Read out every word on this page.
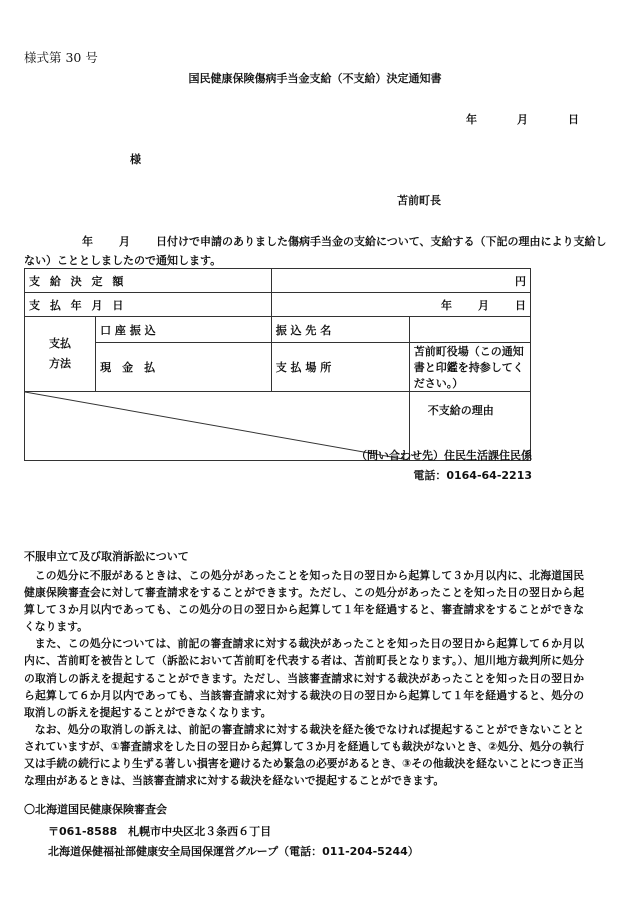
様式第 30 号
国民健康保険傷病手当金支給（不支給）決定通知書
年	月	日
様
苫前町長
年 月 日付けで申請のありました傷病手当金の支給について、支給する（下記の理由により支給しない）こととしましたので通知します。
支 給 決 定 額		円	
支 払 年 月 日		年 月 日	

支払
方法	口 座 振 込	振 込 先 名	
	現　金　払	支 払 場 所	苫前町役場（この通知書と印鑑を持参してください。）

	不支給の理由
（問い合わせ先）住民生活課住民係
電話：0164-64-2213
不服申立て及び取消訴訟について

この処分に不服があるときは、この処分があったことを知った日の翌日から起算して３か月以内に、北海道国民健康保険審査会に対して審査請求をすることができます。ただし、この処分があったことを知った日の翌日から起算して３か月以内であっても、この処分の日の翌日から起算して１年を経過すると、審査請求をすることができなくなります。

また、この処分については、前記の審査請求に対する裁決があったことを知った日の翌日から起算して６か月以内に、苫前町を被告として（訴訟において苫前町を代表する者は、苫前町長となります。）、旭川地方裁判所に処分の取消しの訴えを提起することができます。ただし、当該審査請求に対する裁決があったことを知った日の翌日から起算して６か月以内であっても、当該審査請求に対する裁決の日の翌日から起算して１年を経過すると、処分の取消しの訴えを提起することができなくなります。

なお、処分の取消しの訴えは、前記の審査請求に対する裁決を経た後でなければ提起することができないこととされていますが、①審査請求をした日の翌日から起算して３か月を経過しても裁決がないとき、②処分、処分の執行又は手続の続行により生ずる著しい損害を避けるため緊急の必要があるとき、③その他裁決を経ないことにつき正当な理由があるときは、当該審査請求に対する裁決を経ないで提起することができます。

〇北海道国民健康保険審査会
〒061-8588　札幌市中央区北３条西６丁目
北海道保健福祉部健康安全局国保運営グループ（電話：011-204-5244）
